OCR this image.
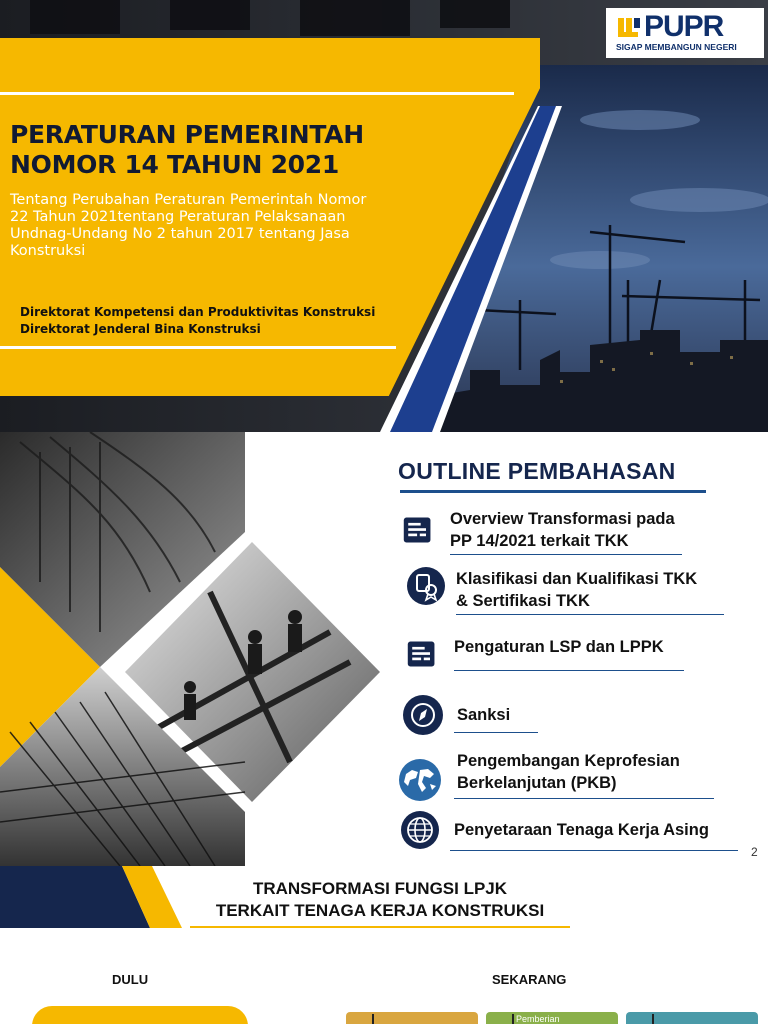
PERATURAN PEMERINTAH
NOMOR 14 TAHUN 2021

Tentang Perubahan Peraturan Pemerintah Nomor
22 Tahun 2021tentang Peraturan Pelaksanaan
Undnag-Undang No 2 tahun 2017 tentang Jasa
Konstruksi

Direktorat Kompetensi dan Produktivitas Konstruksi
Direktorat Jenderal Bina Konstruksi

PUPR
SIGAP MEMBANGUN NEGERI
OUTLINE PEMBAHASAN
Overview Transformasi pada
PP 14/2021 terkait TKK
Klasifikasi dan Kualifikasi TKK
& Sertifikasi TKK
Pengaturan LSP dan LPPK
Sanksi
Pengembangan Keprofesian
Berkelanjutan (PKB)
Penyetaraan Tenaga Kerja Asing
2
TRANSFORMASI FUNGSI LPJK
TERKAIT TENAGA KERJA KONSTRUKSI
DULU	SEKARANG
Pemberian
